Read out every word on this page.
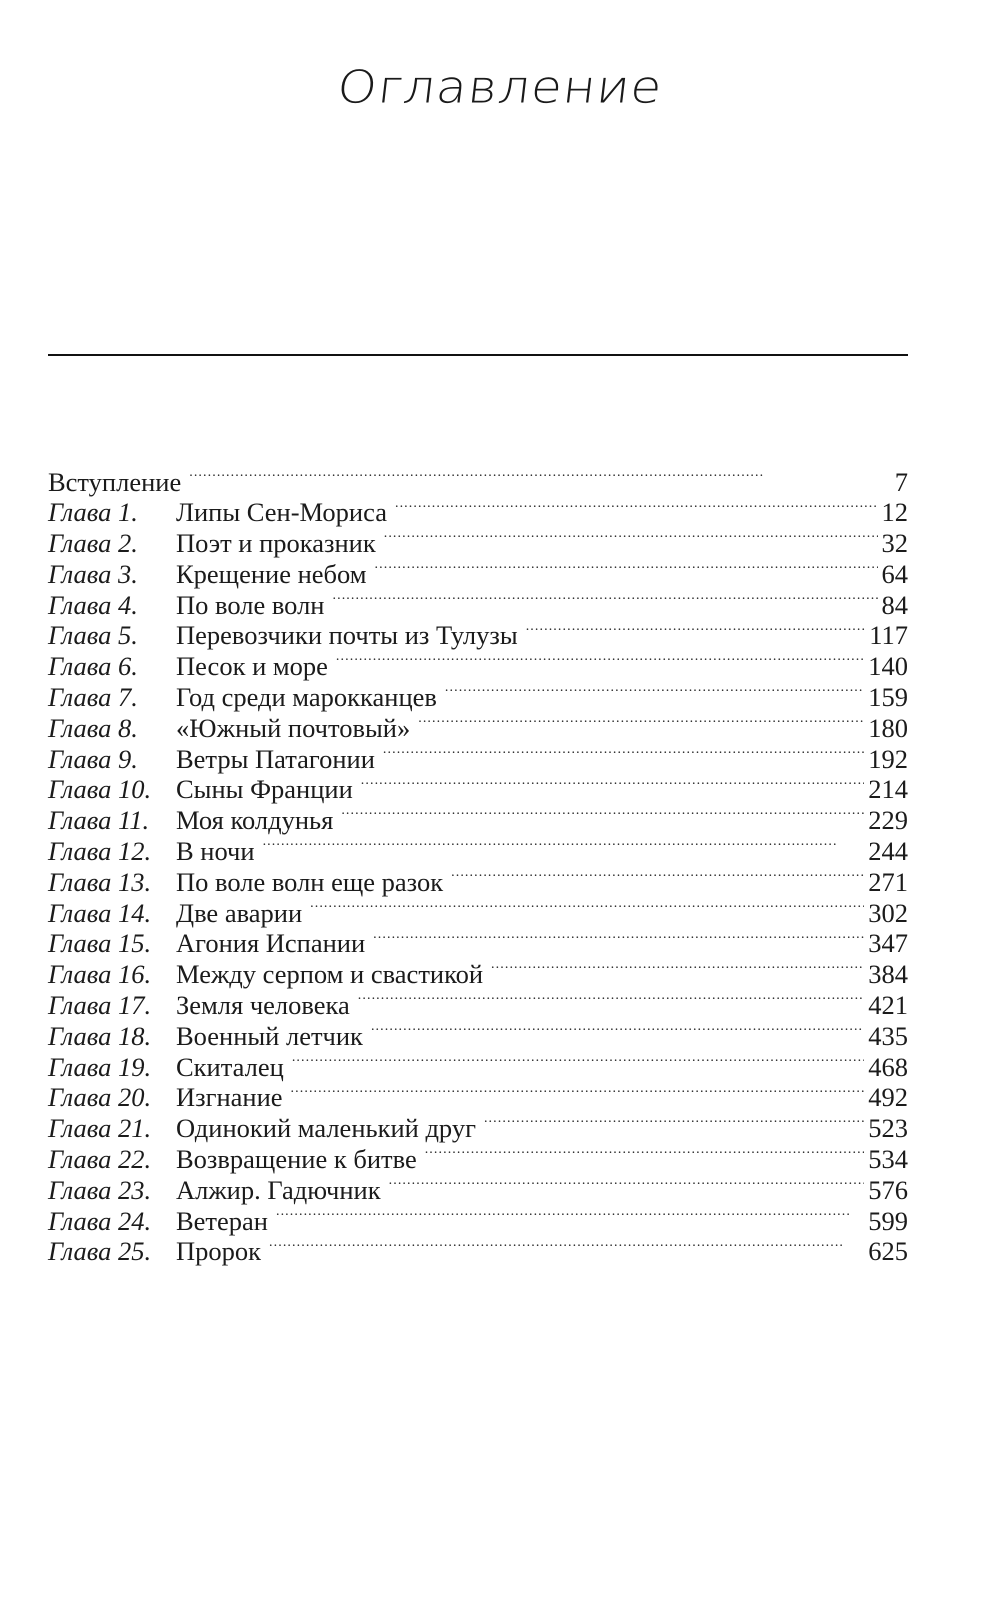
Оглавление
Вступление . . .	7
Глава 1.	Липы Сен-Мориса . . .	12
Глава 2.	Поэт и проказник . . .	32
Глава 3.	Крещение небом . . .	64
Глава 4.	По воле волн . . .	84
Глава 5.	Перевозчики почты из Тулузы . . .	117
Глава 6.	Песок и море . . .	140
Глава 7.	Год среди марокканцев . . .	159
Глава 8.	«Южный почтовый» . . .	180
Глава 9.	Ветры Патагонии . . .	192
Глава 10. Сыны Франции . . .	214
Глава 11.	Моя колдунья . . .	229
Глава 12. В ночи . . .	244
Глава 13. По воле волн еще разок . . .	271
Глава 14. Две аварии . . .	302
Глава 15. Агония Испании . . .	347
Глава 16. Между серпом и свастикой . . .	384
Глава 17. Земля человека . . .	421
Глава 18. Военный летчик . . .	435
Глава 19. Скиталец . . .	468
Глава 20. Изгнание . . .	492
Глава 21. Одинокий маленький друг . . .	523
Глава 22. Возвращение к битве . . .	534
Глава 23. Алжир. Гадючник . . .	576
Глава 24. Ветеран . . .	599
Глава 25. Пророк . . .	625
